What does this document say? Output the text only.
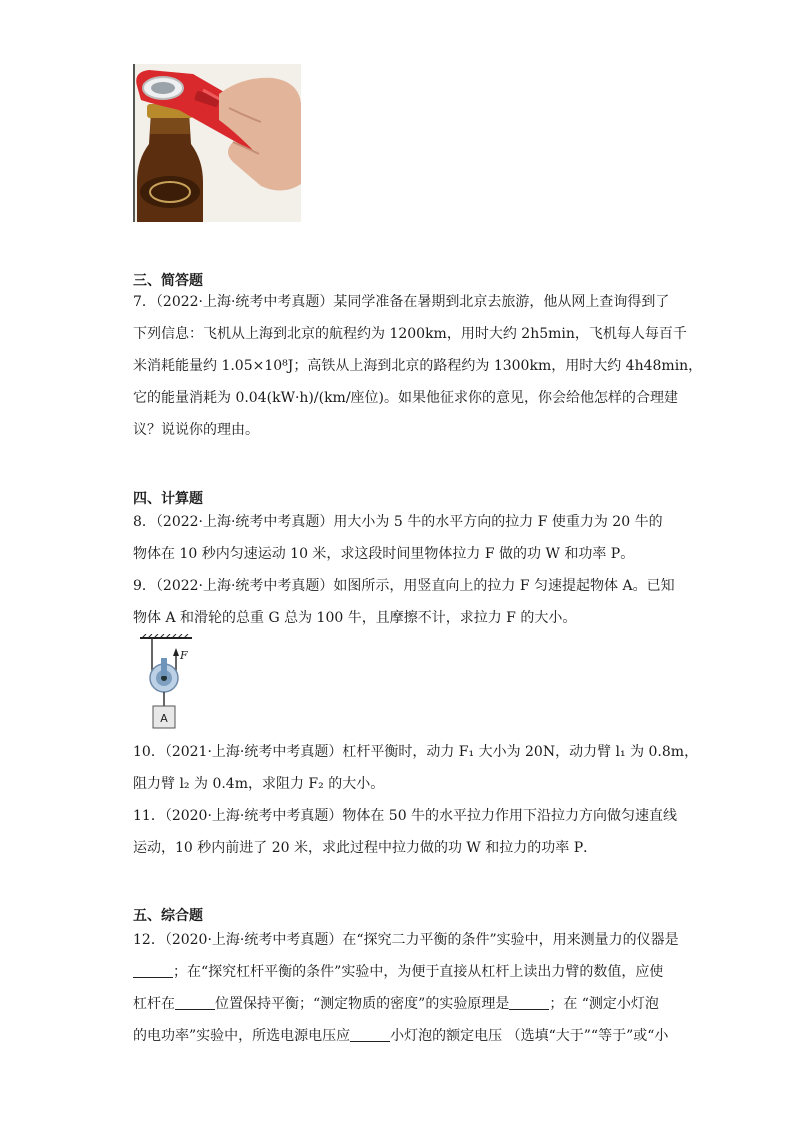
三、简答题
7．（2022·上海·统考中考真题）某同学准备在暑期到北京去旅游，他从网上查询得到了
下列信息：飞机从上海到北京的航程约为 1200km，用时大约 2h5min，飞机每人每百千
米消耗能量约 1.05×10⁸J；高铁从上海到北京的路程约为 1300km，用时大约 4h48min，
它的能量消耗为 0.04(kW·h)/(km/座位)。如果他征求你的意见，你会给他怎样的合理建
议？说说你的理由。
四、计算题
8．（2022·上海·统考中考真题）用大小为 5 牛的水平方向的拉力 F 使重力为 20 牛的
物体在 10 秒内匀速运动 10 米，求这段时间里物体拉力 F 做的功 W 和功率 P。
9．（2022·上海·统考中考真题）如图所示，用竖直向上的拉力 F 匀速提起物体 A。已知
物体 A 和滑轮的总重 G 总为 100 牛，且摩擦不计，求拉力 F 的大小。
F
A
10．（2021·上海·统考中考真题）杠杆平衡时，动力 F₁ 大小为 20N，动力臂 l₁ 为 0.8m，
阻力臂 l₂ 为 0.4m，求阻力 F₂ 的大小。
11．（2020·上海·统考中考真题）物体在 50 牛的水平拉力作用下沿拉力方向做匀速直线
运动，10 秒内前进了 20 米，求此过程中拉力做的功 W 和拉力的功率 P．
五、综合题
12．（2020·上海·统考中考真题）在“探究二力平衡的条件”实验中，用来测量力的仪器是
；在“探究杠杆平衡的条件”实验中，为便于直接从杠杆上读出力臂的数值，应使
杠杆在	位置保持平衡；“测定物质的密度”的实验原理是	；在 “测定小灯泡
的电功率”实验中，所选电源电压应	小灯泡的额定电压 （选填“大于”“等于”或“小
